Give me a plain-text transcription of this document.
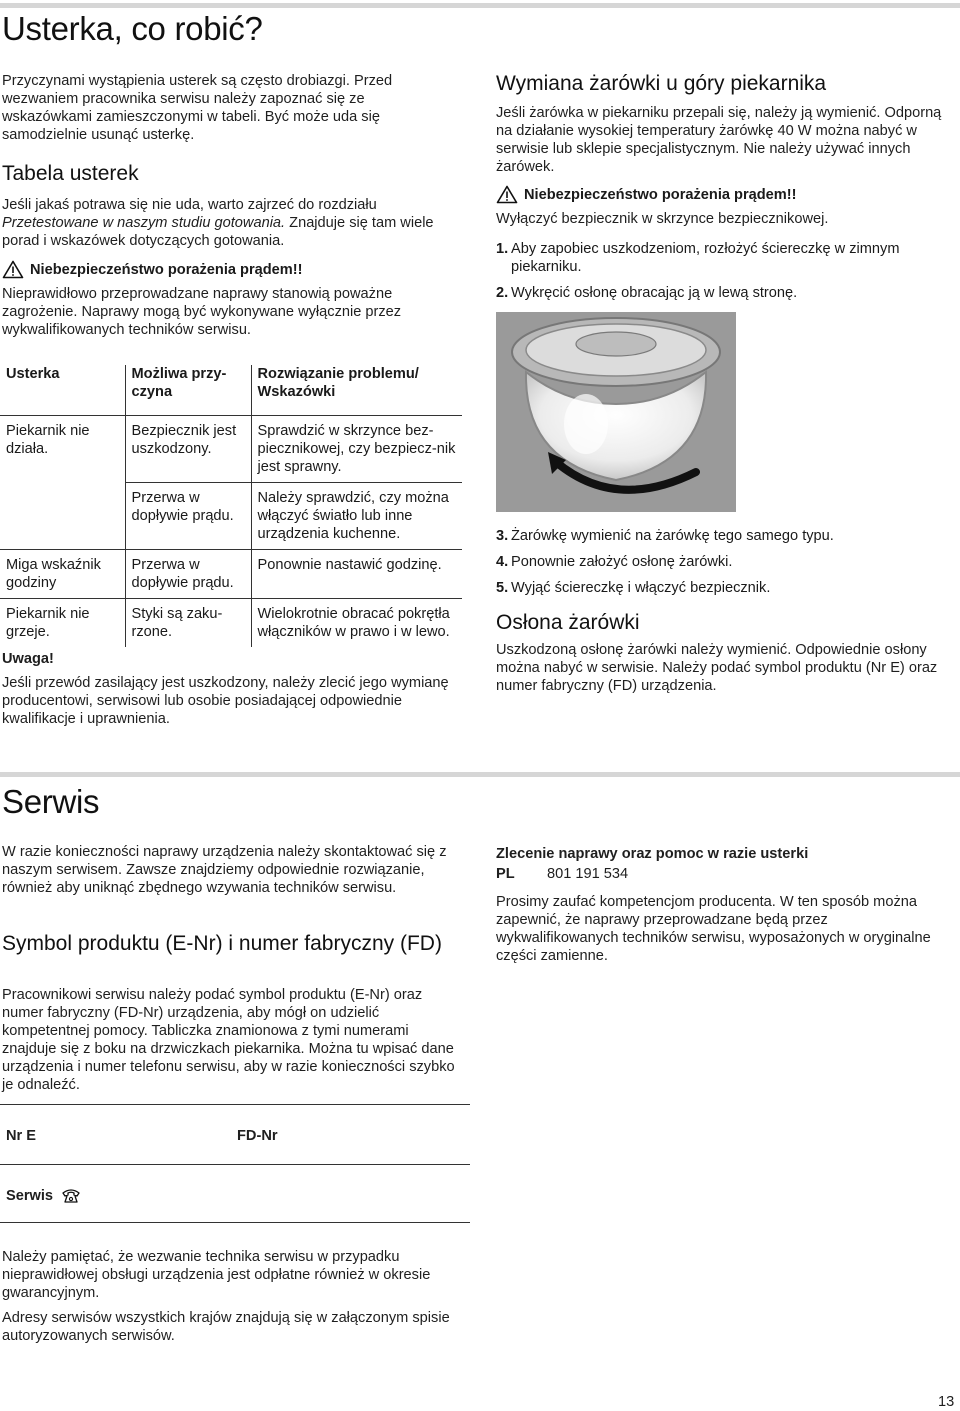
Usterka, co robić?
Przyczynami wystąpienia usterek są często drobiazgi. Przed wezwaniem pracownika serwisu należy zapoznać się ze wskazówkami zamieszczonymi w tabeli. Być może uda się samodzielnie usunąć usterkę.
Tabela usterek
Jeśli jakaś potrawa się nie uda, warto zajrzeć do rozdziału Przetestowane w naszym studiu gotowania. Znajduje się tam wiele porad i wskazówek dotyczących gotowania.
Niebezpieczeństwo porażenia prądem!!
Nieprawidłowo przeprowadzane naprawy stanowią poważne zagrożenie. Naprawy mogą być wykonywane wyłącznie przez wykwalifikowanych techników serwisu.
Usterka	Możliwa przy-czyna	Rozwiązanie problemu/ Wskazówki
Piekarnik nie działa.	Bezpiecznik jest uszkodzony.	Sprawdzić w skrzynce bez-piecznikowej, czy bezpiecz-nik jest sprawny.
	Przerwa w dopływie prądu.	Należy sprawdzić, czy można włączyć światło lub inne urządzenia kuchenne.
Miga wskaźnik godziny	Przerwa w dopływie prądu.	Ponownie nastawić godzinę.
Piekarnik nie grzeje.	Styki są zaku-rzone.	Wielokrotnie obracać pokrętła włączników w prawo i w lewo.
Uwaga!
Jeśli przewód zasilający jest uszkodzony, należy zlecić jego wymianę producentowi, serwisowi lub osobie posiadającej odpowiednie kwalifikacje i uprawnienia.
Wymiana żarówki u góry piekarnika
Jeśli żarówka w piekarniku przepali się, należy ją wymienić. Odporną na działanie wysokiej temperatury żarówkę 40 W można nabyć w serwisie lub sklepie specjalistycznym. Nie należy używać innych żarówek.
Niebezpieczeństwo porażenia prądem!!
Wyłączyć bezpiecznik w skrzynce bezpiecznikowej.
1. Aby zapobiec uszkodzeniom, rozłożyć ściereczkę w zimnym piekarniku.
2. Wykręcić osłonę obracając ją w lewą stronę.
3. Żarówkę wymienić na żarówkę tego samego typu.
4. Ponownie założyć osłonę żarówki.
5. Wyjąć ściereczkę i włączyć bezpiecznik.
Osłona żarówki
Uszkodzoną osłonę żarówki należy wymienić. Odpowiednie osłony można nabyć w serwisie. Należy podać symbol produktu (Nr E) oraz numer fabryczny (FD) urządzenia.
Serwis
W razie konieczności naprawy urządzenia należy skontaktować się z naszym serwisem. Zawsze znajdziemy odpowiednie rozwiązanie, również aby uniknąć zbędnego wzywania techników serwisu.
Symbol produktu (E-Nr) i numer fabryczny (FD)
Pracownikowi serwisu należy podać symbol produktu (E-Nr) oraz numer fabryczny (FD-Nr) urządzenia, aby mógł on udzielić kompetentnej pomocy. Tabliczka znamionowa z tymi numerami znajduje się z boku na drzwiczkach piekarnika. Można tu wpisać dane urządzenia i numer telefonu serwisu, aby w razie konieczności szybko je odnaleźć.
Nr E	FD-Nr
Serwis
Należy pamiętać, że wezwanie technika serwisu w przypadku nieprawidłowej obsługi urządzenia jest odpłatne również w okresie gwarancyjnym.
Adresy serwisów wszystkich krajów znajdują się w załączonym spisie autoryzowanych serwisów.
Zlecenie naprawy oraz pomoc w razie usterki
PL	801 191 534
Prosimy zaufać kompetencjom producenta. W ten sposób można zapewnić, że naprawy przeprowadzane będą przez wykwalifikowanych techników serwisu, wyposażonych w oryginalne części zamienne.
13
